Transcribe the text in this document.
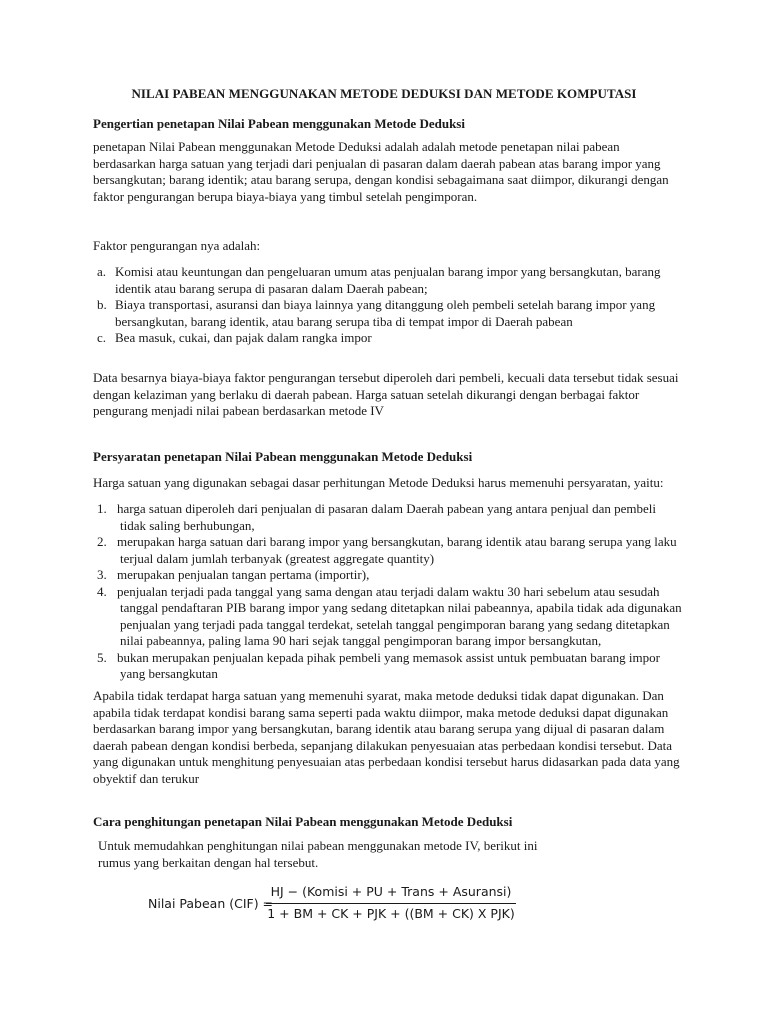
NILAI PABEAN MENGGUNAKAN METODE DEDUKSI DAN METODE KOMPUTASI
Pengertian penetapan Nilai Pabean menggunakan Metode Deduksi
penetapan Nilai Pabean menggunakan Metode Deduksi adalah adalah metode penetapan nilai pabean
berdasarkan harga satuan yang terjadi dari penjualan di pasaran dalam daerah pabean atas barang impor yang
bersangkutan; barang identik; atau barang serupa, dengan kondisi sebagaimana saat diimpor, dikurangi dengan
faktor pengurangan berupa biaya-biaya yang timbul setelah pengimporan.
Faktor pengurangan nya adalah:
a. Komisi atau keuntungan dan pengeluaran umum atas penjualan barang impor yang bersangkutan, barang
identik atau barang serupa di pasaran dalam Daerah pabean;
b. Biaya transportasi, asuransi dan biaya lainnya yang ditanggung oleh pembeli setelah barang impor yang
bersangkutan, barang identik, atau barang serupa tiba di tempat impor di Daerah pabean
c. Bea masuk, cukai, dan pajak dalam rangka impor
Data besarnya biaya-biaya faktor pengurangan tersebut diperoleh dari pembeli, kecuali data tersebut tidak sesuai
dengan kelaziman yang berlaku di daerah pabean. Harga satuan setelah dikurangi dengan berbagai faktor
pengurang menjadi nilai pabean berdasarkan metode IV
Persyaratan penetapan Nilai Pabean menggunakan Metode Deduksi
Harga satuan yang digunakan sebagai dasar perhitungan Metode Deduksi harus memenuhi persyaratan, yaitu:
1. harga satuan diperoleh dari penjualan di pasaran dalam Daerah pabean yang antara penjual dan pembeli
tidak saling berhubungan,
2. merupakan harga satuan dari barang impor yang bersangkutan, barang identik atau barang serupa yang laku
terjual dalam jumlah terbanyak (greatest aggregate quantity)
3. merupakan penjualan tangan pertama (importir),
4. penjualan terjadi pada tanggal yang sama dengan atau terjadi dalam waktu 30 hari sebelum atau sesudah
tanggal pendaftaran PIB barang impor yang sedang ditetapkan nilai pabeannya, apabila tidak ada digunakan
penjualan yang terjadi pada tanggal terdekat, setelah tanggal pengimporan barang yang sedang ditetapkan
nilai pabeannya, paling lama 90 hari sejak tanggal pengimporan barang impor bersangkutan,
5. bukan merupakan penjualan kepada pihak pembeli yang memasok assist untuk pembuatan barang impor
yang bersangkutan
Apabila tidak terdapat harga satuan yang memenuhi syarat, maka metode deduksi tidak dapat digunakan. Dan
apabila tidak terdapat kondisi barang sama seperti pada waktu diimpor, maka metode deduksi dapat digunakan
berdasarkan barang impor yang bersangkutan, barang identik atau barang serupa yang dijual di pasaran dalam
daerah pabean dengan kondisi berbeda, sepanjang dilakukan penyesuaian atas perbedaan kondisi tersebut. Data
yang digunakan untuk menghitung penyesuaian atas perbedaan kondisi tersebut harus didasarkan pada data yang
obyektif dan terukur
Cara penghitungan penetapan Nilai Pabean menggunakan Metode Deduksi
Untuk memudahkan penghitungan nilai pabean menggunakan metode IV, berikut ini
rumus yang berkaitan dengan hal tersebut.
Nilai Pabean (CIF) =
HJ − (Komisi + PU + Trans + Asuransi)
1 + BM + CK + PJK + ((BM + CK) X PJK)
